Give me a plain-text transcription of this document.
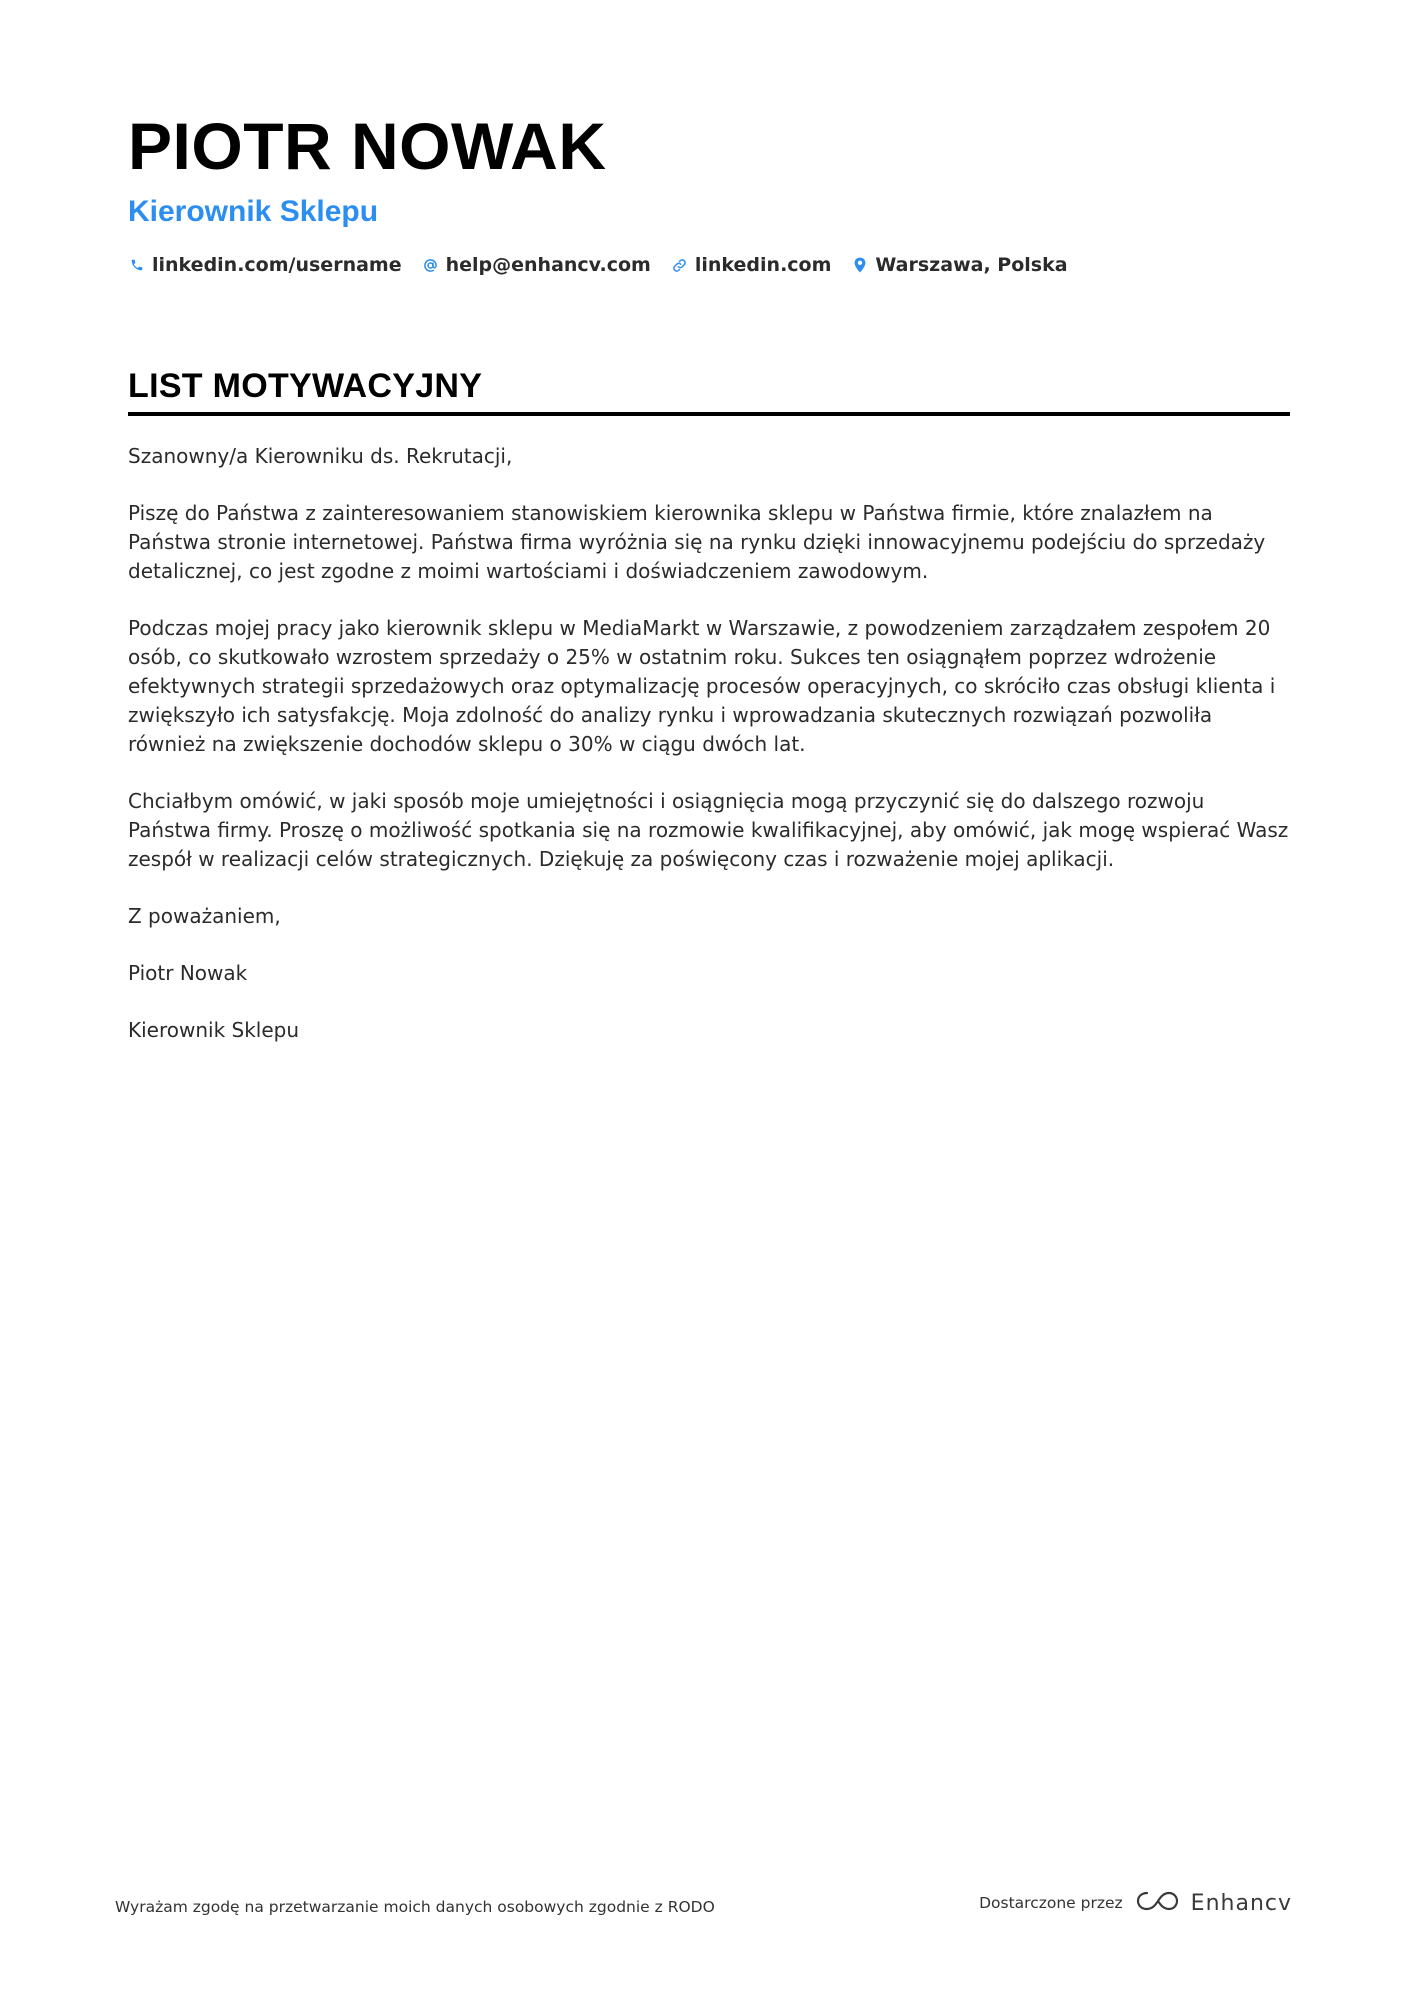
PIOTR NOWAK
Kierownik Sklepu
linkedin.com/username help@enhancv.com linkedin.com Warszawa, Polska
LIST MOTYWACYJNY

Szanowny/a Kierowniku ds. Rekrutacji,

Piszę do Państwa z zainteresowaniem stanowiskiem kierownika sklepu w Państwa firmie, które znalazłem na Państwa stronie internetowej. Państwa firma wyróżnia się na rynku dzięki innowacyjnemu podejściu do sprzedaży detalicznej, co jest zgodne z moimi wartościami i doświadczeniem zawodowym.

Podczas mojej pracy jako kierownik sklepu w MediaMarkt w Warszawie, z powodzeniem zarządzałem zespołem 20 osób, co skutkowało wzrostem sprzedaży o 25% w ostatnim roku. Sukces ten osiągnąłem poprzez wdrożenie efektywnych strategii sprzedażowych oraz optymalizację procesów operacyjnych, co skróciło czas obsługi klienta i zwiększyło ich satysfakcję. Moja zdolność do analizy rynku i wprowadzania skutecznych rozwiązań pozwoliła również na zwiększenie dochodów sklepu o 30% w ciągu dwóch lat.

Chciałbym omówić, w jaki sposób moje umiejętności i osiągnięcia mogą przyczynić się do dalszego rozwoju Państwa firmy. Proszę o możliwość spotkania się na rozmowie kwalifikacyjnej, aby omówić, jak mogę wspierać Wasz zespół w realizacji celów strategicznych. Dziękuję za poświęcony czas i rozważenie mojej aplikacji.

Z poważaniem,

Piotr Nowak

Kierownik Sklepu

Wyrażam zgodę na przetwarzanie moich danych osobowych zgodnie z RODO	Dostarczone przez	Enhancv
